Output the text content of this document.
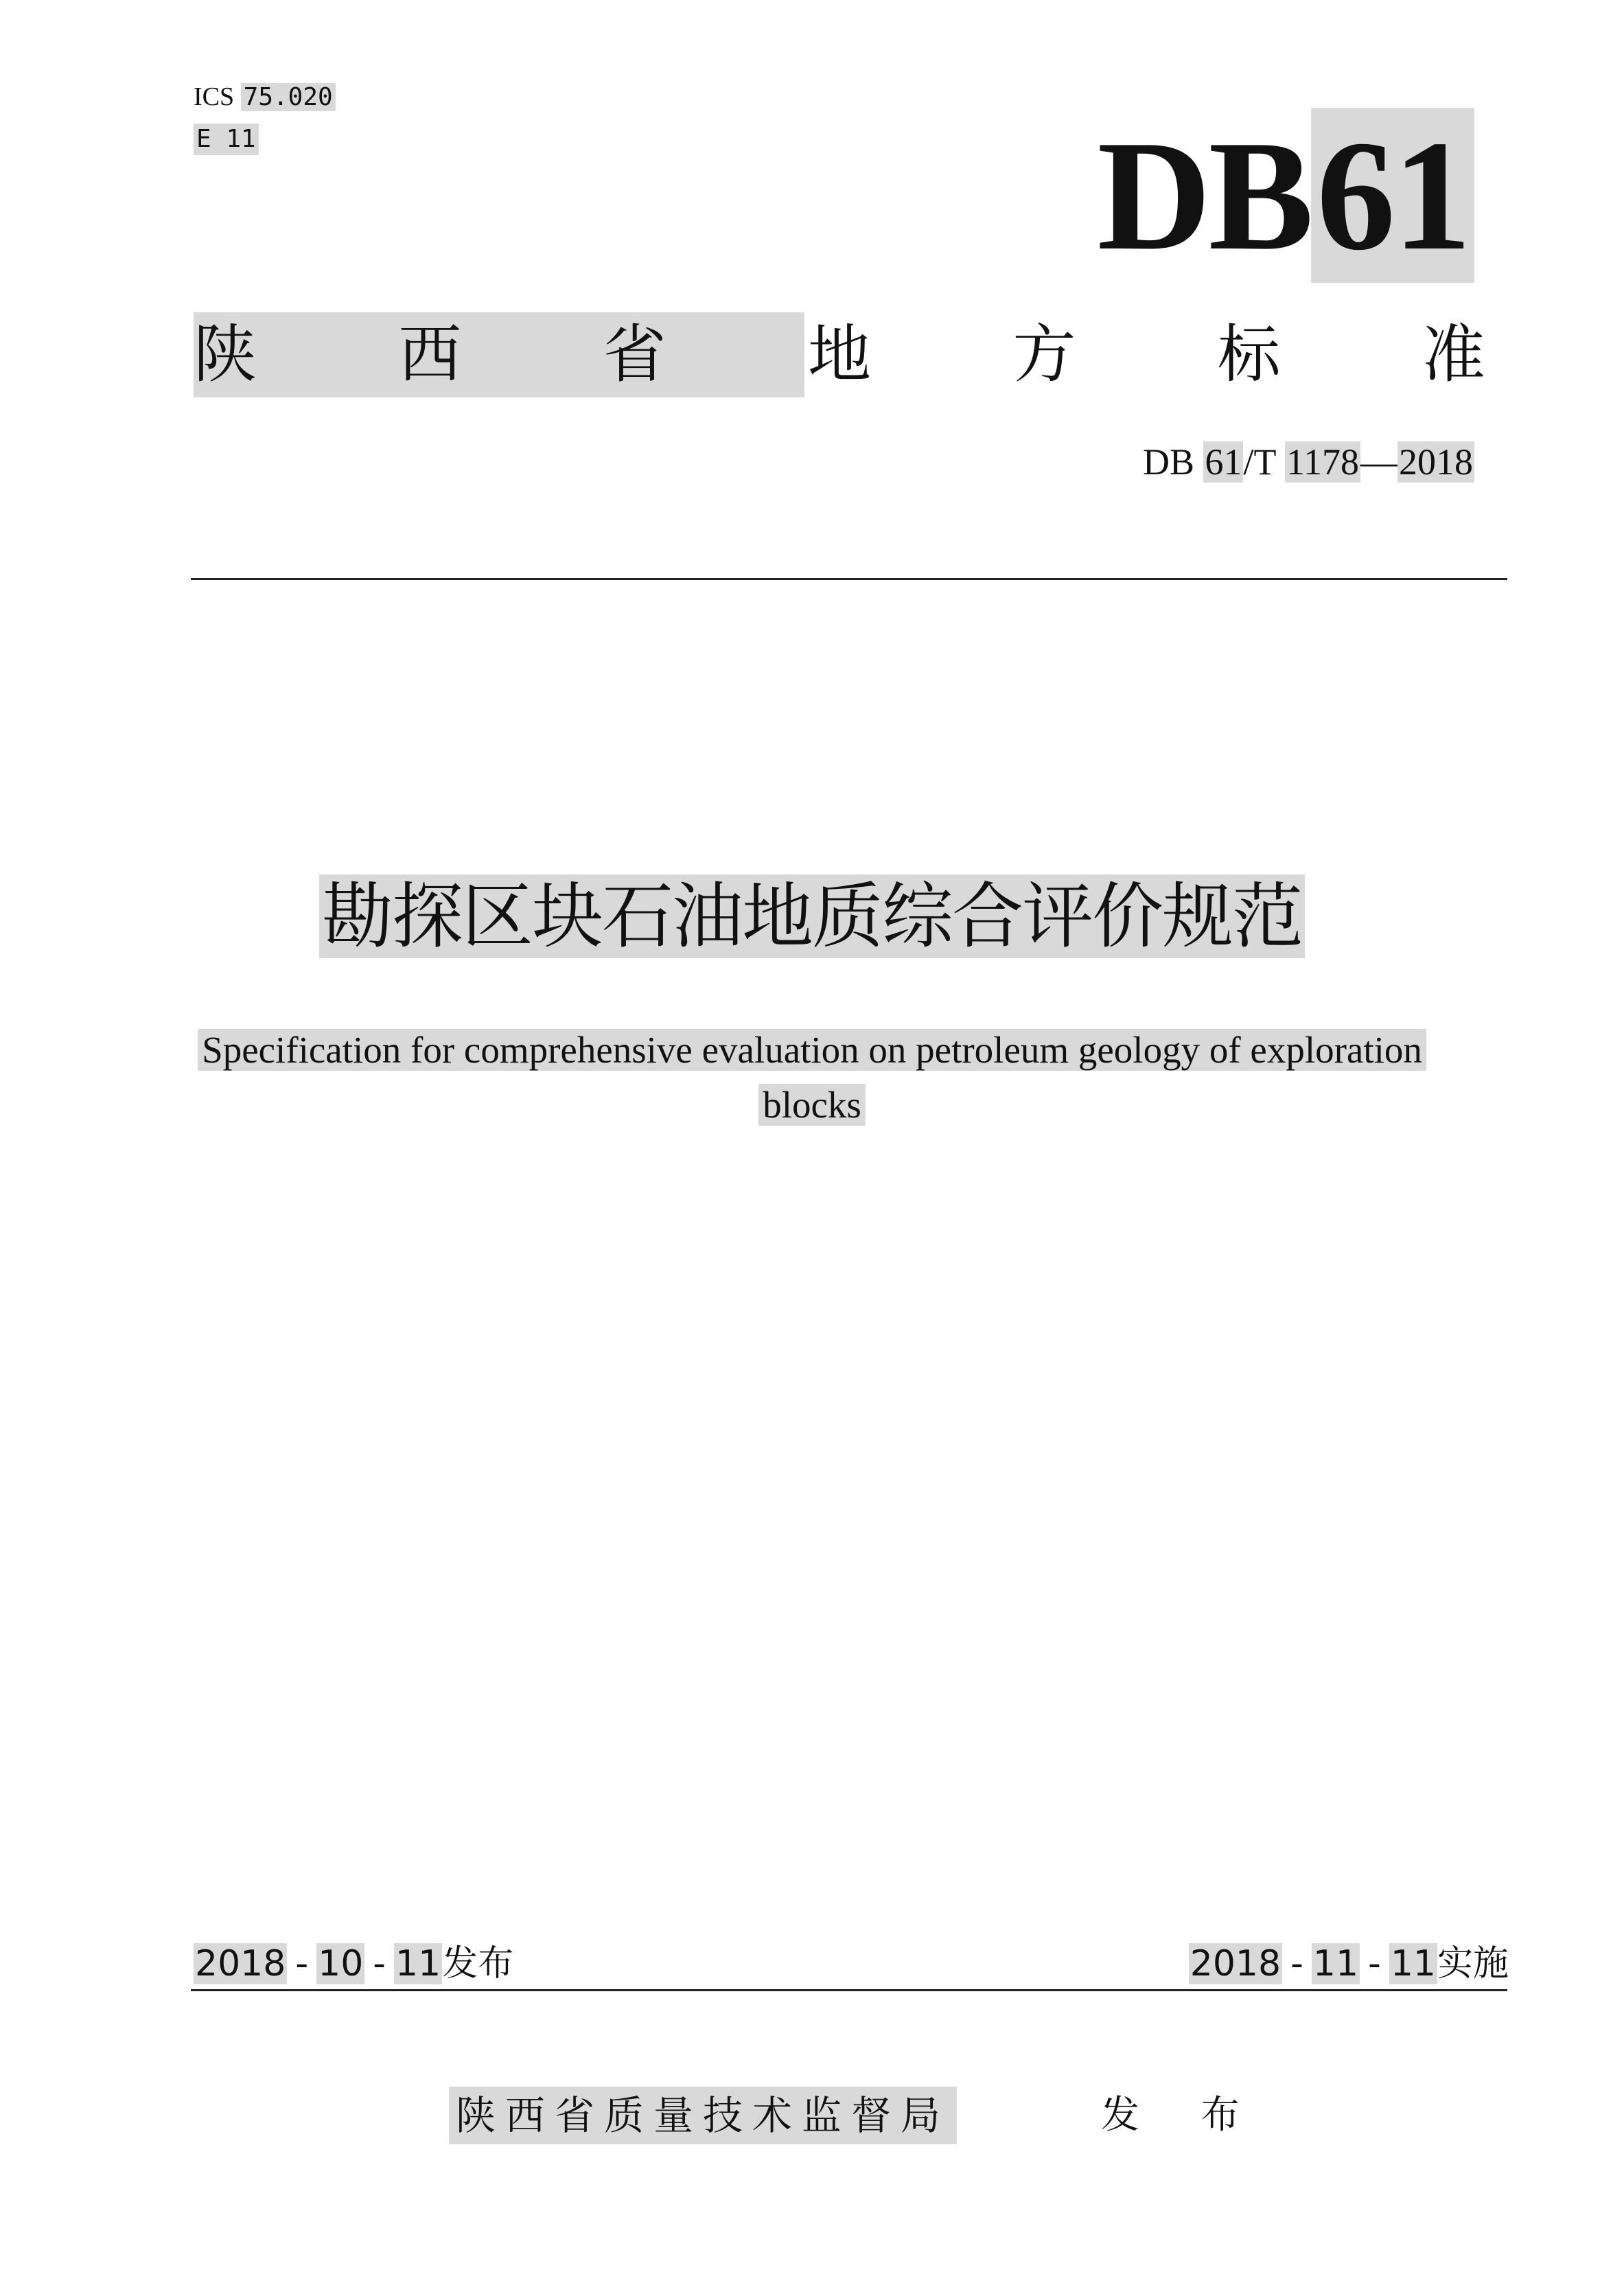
ICS 75.020
E 11	DB61
陕 西 省 地 方 标 准
DB 61/T 1178—2018
勘探区块石油地质综合评价规范
Specification for comprehensive evaluation on petroleum geology of exploration
blocks
2018 - 10 - 11发布	2018 - 11 - 11实施
陕西省质量技术监督局	发 布
